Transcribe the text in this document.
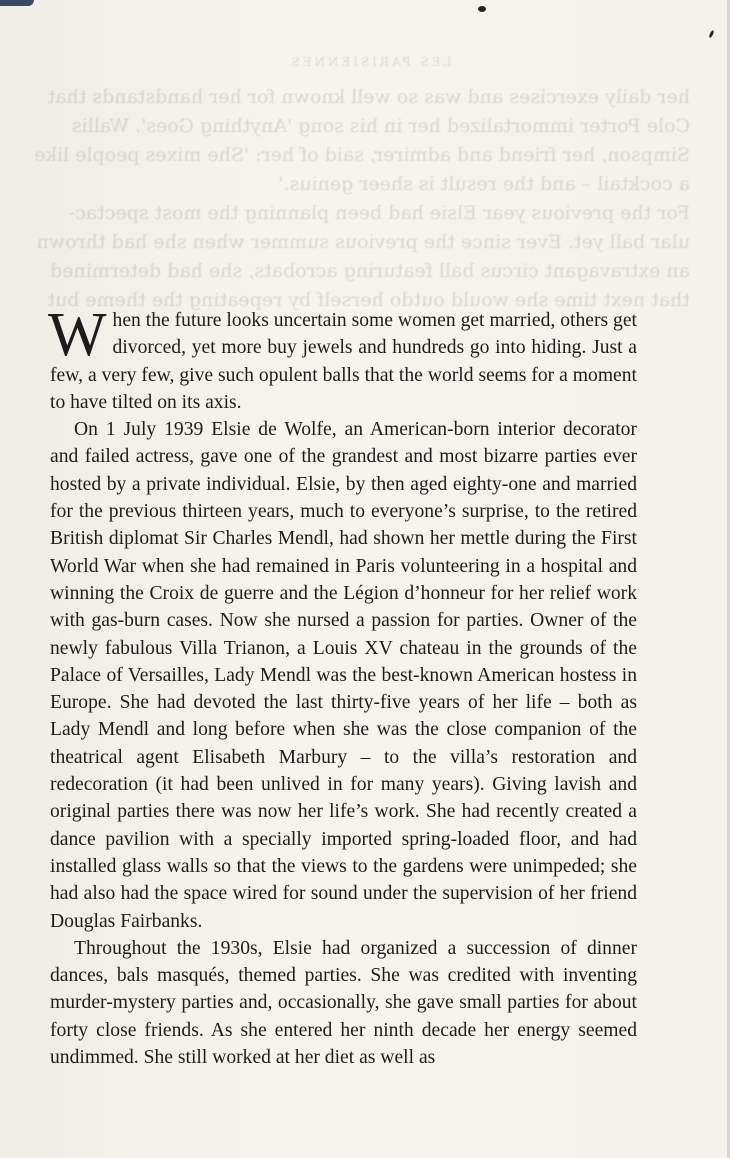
LES PARISIENNES
her daily exercises and was so well known for her handstands that
Cole Porter immortalized her in his song 'Anything Goes'. Wallis
Simpson, her friend and admirer, said of her: 'She mixes people like
a cocktail – and the result is sheer genius.'
For the previous year Elsie had been planning the most spectac-
ular ball yet. Ever since the previous summer when she had thrown
an extravagant circus ball featuring acrobats, she had determined
that next time she would outdo herself by repeating the theme but

When the future looks uncertain some women get married, others get divorced, yet more buy jewels and hundreds go into hiding. Just a few, a very few, give such opulent balls that the world seems for a moment to have tilted on its axis.

On 1 July 1939 Elsie de Wolfe, an American-born interior decorator and failed actress, gave one of the grandest and most bizarre parties ever hosted by a private individual. Elsie, by then aged eighty-one and married for the previous thirteen years, much to everyone’s surprise, to the retired British diplomat Sir Charles Mendl, had shown her mettle during the First World War when she had remained in Paris volunteering in a hospital and winning the Croix de guerre and the Légion d’honneur for her relief work with gas-burn cases. Now she nursed a passion for parties. Owner of the newly fabulous Villa Trianon, a Louis XV chateau in the grounds of the Palace of Versailles, Lady Mendl was the best-known American hostess in Europe. She had devoted the last thirty-five years of her life – both as Lady Mendl and long before when she was the close companion of the theatrical agent Elisabeth Marbury – to the villa’s restoration and redecoration (it had been unlived in for many years). Giving lavish and original parties there was now her life’s work. She had recently created a dance pavilion with a specially imported spring-loaded floor, and had installed glass walls so that the views to the gardens were unimpeded; she had also had the space wired for sound under the supervision of her friend Douglas Fairbanks.

Throughout the 1930s, Elsie had organized a succession of dinner dances, bals masqués, themed parties. She was credited with inventing murder-mystery parties and, occasionally, she gave small parties for about forty close friends. As she entered her ninth decade her energy seemed undimmed. She still worked at her diet as well as
